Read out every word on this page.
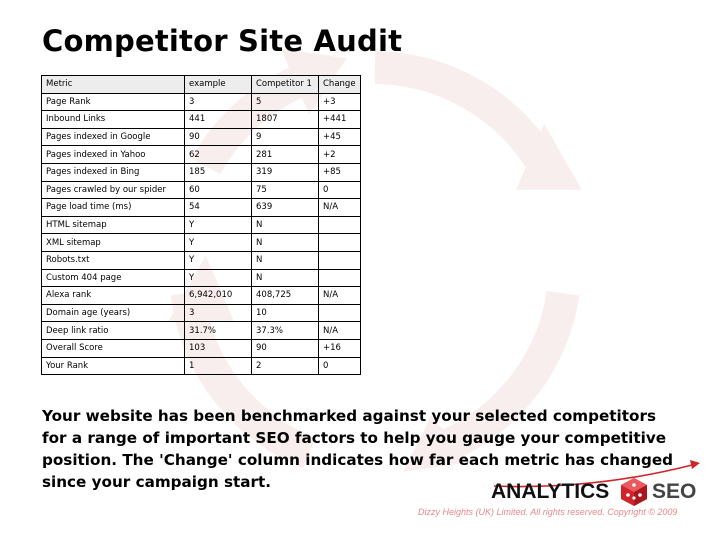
Competitor Site Audit
Metric	example	Competitor 1	Change
Page Rank	3	5	+3
Inbound Links	441	1807	+441
Pages indexed in Google	90	9	+45
Pages indexed in Yahoo	62	281	+2
Pages indexed in Bing	185	319	+85
Pages crawled by our spider	60	75	0
Page load time (ms)	54	639	N/A
HTML sitemap	Y	N	
XML sitemap	Y	N	
Robots.txt	Y	N	
Custom 404 page	Y	N	
Alexa rank	6,942,010	408,725	N/A
Domain age (years)	3	10	
Deep link ratio	31.7%	37.3%	N/A
Overall Score	103	90	+16
Your Rank	1	2	0
Your website has been benchmarked against your selected competitors for a range of important SEO factors to help you gauge your competitive position. The 'Change' column indicates how far each metric has changed since your campaign start.	ANALYTICS SEO
Dizzy Heights (UK) Limited. All rights reserved. Copyright © 2009
